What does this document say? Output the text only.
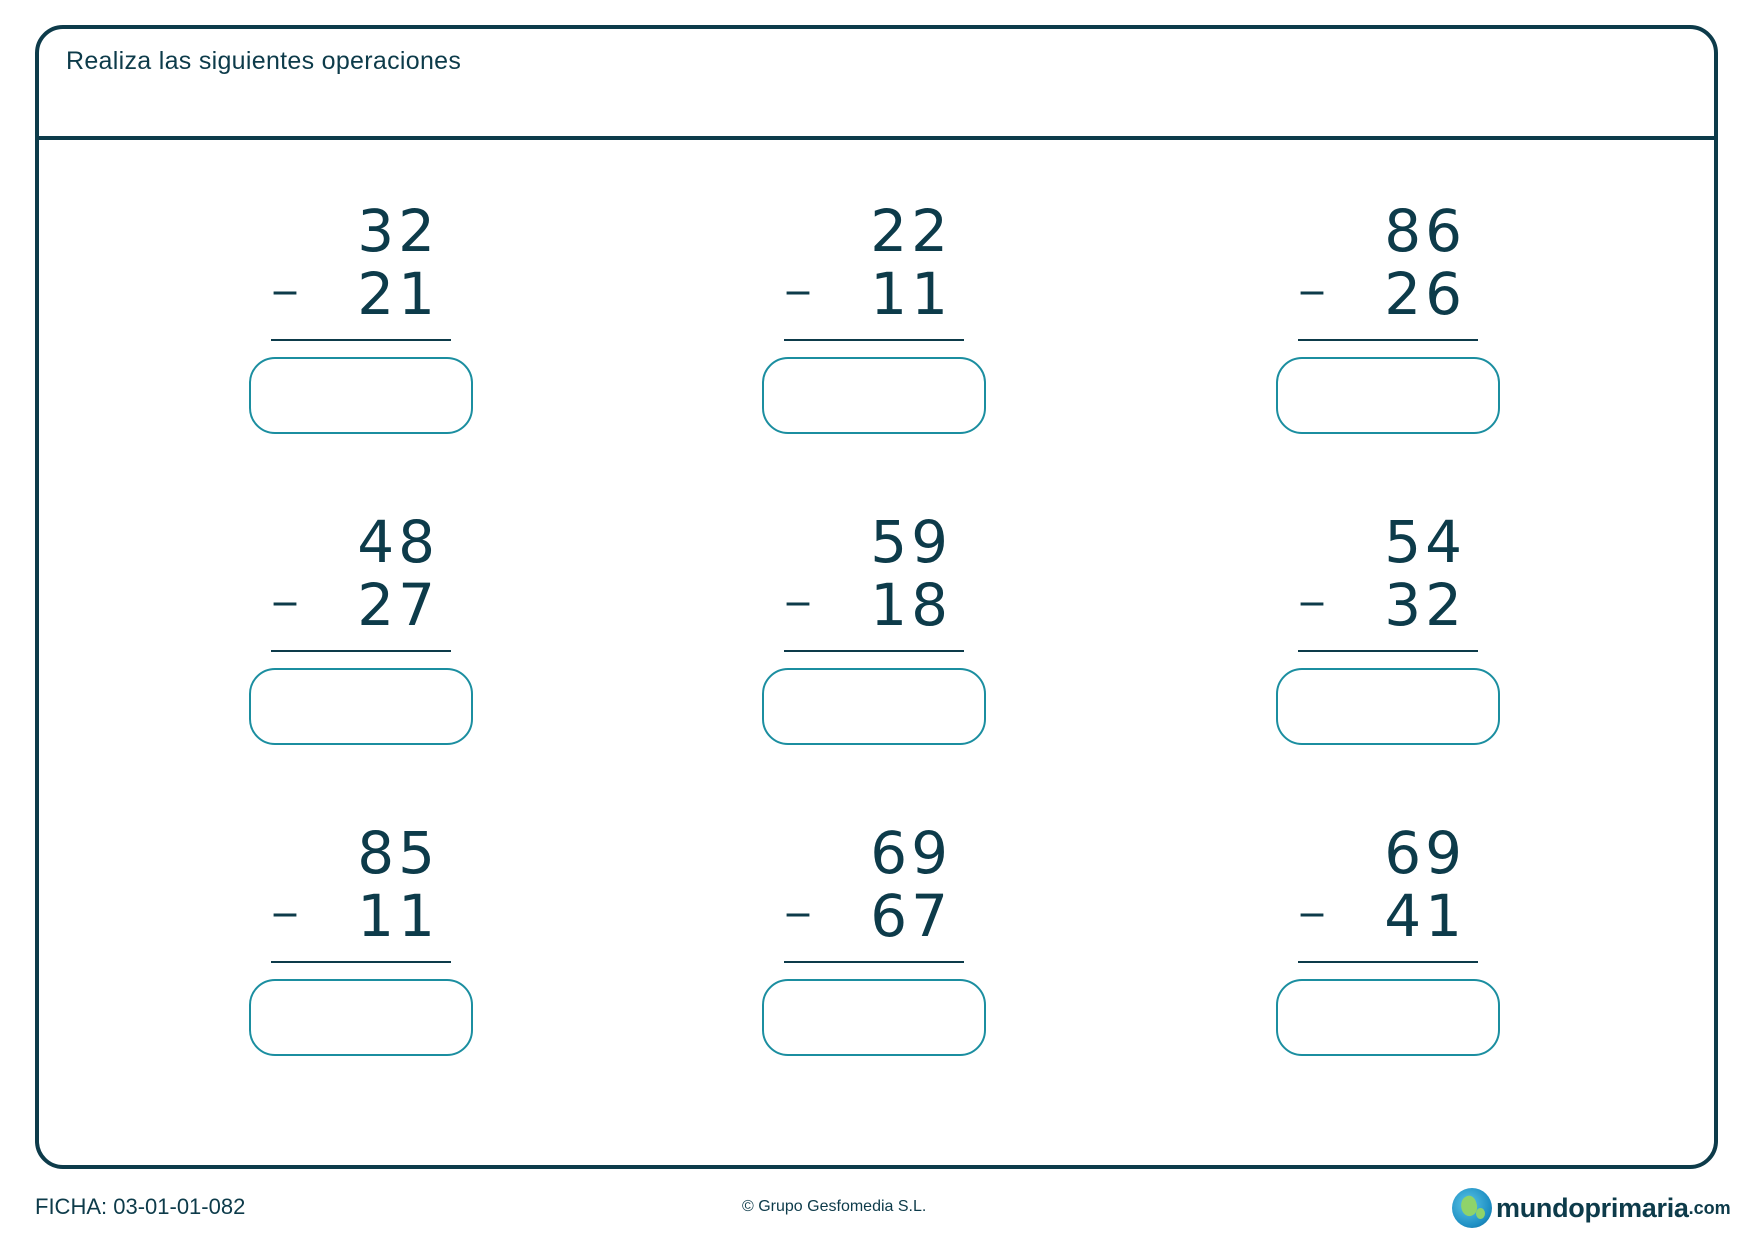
Realiza las siguientes operaciones
_
32
21	_
22
11	_
86
26
_
48
27	_
59
18	_
54
32
_
85
11	_
69
67	_
69
41
FICHA: 03-01-01-082	© Grupo Gesfomedia S.L.	mundoprimaria .com
